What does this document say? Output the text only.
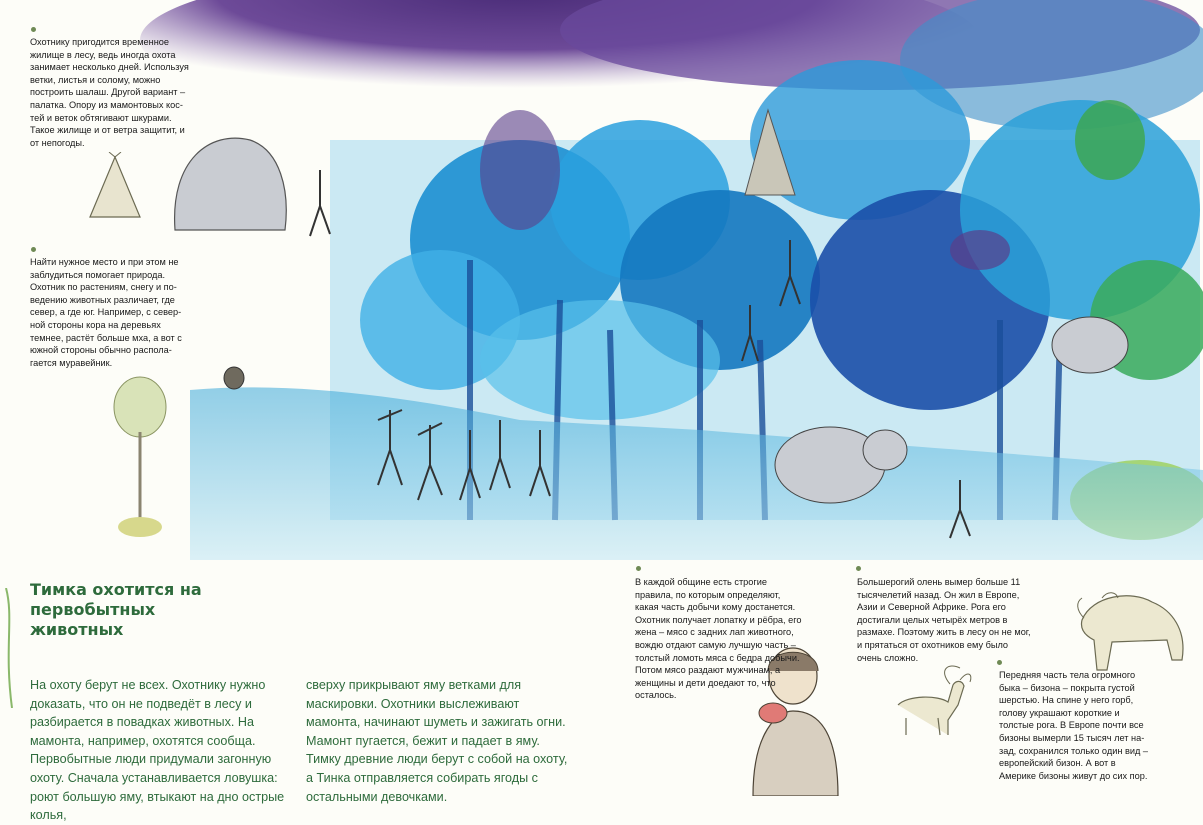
Охотнику пригодится временное жилище в лесу, ведь иногда охота занимает несколько дней. Используя ветки, листья и солому, можно построить шалаш. Другой вариант – палатка. Опору из мамонтовых костей и веток обтягивают шкурами. Такое жилище и от ветра защитит, и от непогоды.
Найти нужное место и при этом не заблудиться помогает природа. Охотник по растениям, снегу и поведению животных различает, где север, а где юг. Например, с северной стороны кора на деревьях темнее, растёт больше мха, а вот с южной стороны обычно располагается муравейник.
В каждой общине есть строгие правила, по которым определяют, какая часть добычи кому достанется. Охотник получает лопатку и рёбра, его жена – мясо с задних лап животного, вождю отдают самую лучшую часть – толстый ломоть мяса с бедра добычи. Потом мясо раздают мужчинам, а женщины и дети доедают то, что осталось.
Большерогий олень вымер больше 11 тысячелетий назад. Он жил в Европе, Азии и Северной Африке. Рога его достигали целых четырёх метров в размахе. Поэтому жить в лесу он не мог, и прятаться от охотников ему было очень сложно.
Передняя часть тела огромного быка – бизона – покрыта густой шерстью. На спине у него горб, голову украшают короткие и толстые рога. В Европе почти все бизоны вымерли 15 тысяч лет назад, сохранился только один вид – европейский бизон. А вот в Америке бизоны живут до сих пор.
Тимка охотится на первобытных животных
На охоту берут не всех. Охотнику нужно доказать, что он не подведёт в лесу и разбирается в повадках животных. На мамонта, например, охотятся сообща. Первобытные люди придумали загонную охоту. Сначала устанавливается ловушка: роют большую яму, втыкают на дно острые колья,
сверху прикрывают яму ветками для маскировки. Охотники выслеживают мамонта, начинают шуметь и зажигать огни. Мамонт пугается, бежит и падает в яму. Тимку древние люди берут с собой на охоту, а Тинка отправляется собирать ягоды с остальными девочками.
